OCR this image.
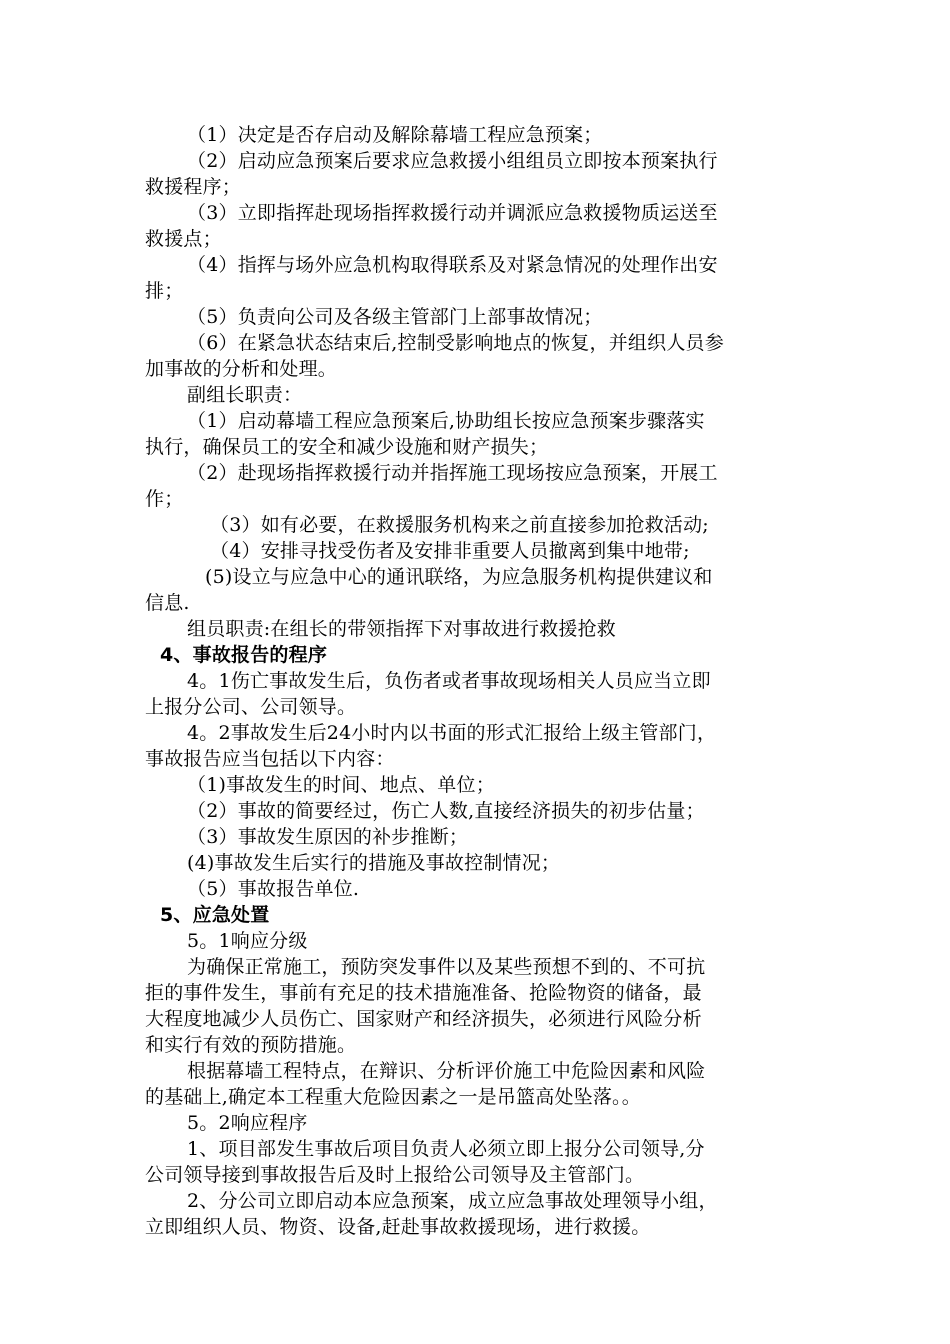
（1）决定是否存启动及解除幕墙工程应急预案；
（2）启动应急预案后要求应急救援小组组员立即按本预案执行
救援程序；
（3）立即指挥赴现场指挥救援行动并调派应急救援物质运送至
救援点；
（4）指挥与场外应急机构取得联系及对紧急情况的处理作出安
排；
（5）负责向公司及各级主管部门上部事故情况；
（6）在紧急状态结束后,控制受影响地点的恢复，并组织人员参
加事故的分析和处理。
副组长职责：
（1）启动幕墙工程应急预案后,协助组长按应急预案步骤落实
执行，确保员工的安全和减少设施和财产损失；
（2）赴现场指挥救援行动并指挥施工现场按应急预案，开展工
作；
（3）如有必要，在救援服务机构来之前直接参加抢救活动;
（4）安排寻找受伤者及安排非重要人员撤离到集中地带;
(5)设立与应急中心的通讯联络，为应急服务机构提供建议和
信息.
组员职责:在组长的带领指挥下对事故进行救援抢救
4、事故报告的程序
4。1伤亡事故发生后，负伤者或者事故现场相关人员应当立即
上报分公司、公司领导。
4。2事故发生后24小时内以书面的形式汇报给上级主管部门，
事故报告应当包括以下内容：
（1)事故发生的时间、地点、单位；
（2）事故的简要经过，伤亡人数,直接经济损失的初步估量；
（3）事故发生原因的补步推断；
(4)事故发生后实行的措施及事故控制情况；
（5）事故报告单位.
5、应急处置
5。1响应分级
为确保正常施工，预防突发事件以及某些预想不到的、不可抗
拒的事件发生，事前有充足的技术措施准备、抢险物资的储备，最
大程度地减少人员伤亡、国家财产和经济损失，必须进行风险分析
和实行有效的预防措施。
根据幕墙工程特点，在辩识、分析评价施工中危险因素和风险
的基础上,确定本工程重大危险因素之一是吊篮高处坠落。。
5。2响应程序
1、项目部发生事故后项目负责人必须立即上报分公司领导,分
公司领导接到事故报告后及时上报给公司领导及主管部门。
2、分公司立即启动本应急预案，成立应急事故处理领导小组，
立即组织人员、物资、设备,赶赴事故救援现场，进行救援。
